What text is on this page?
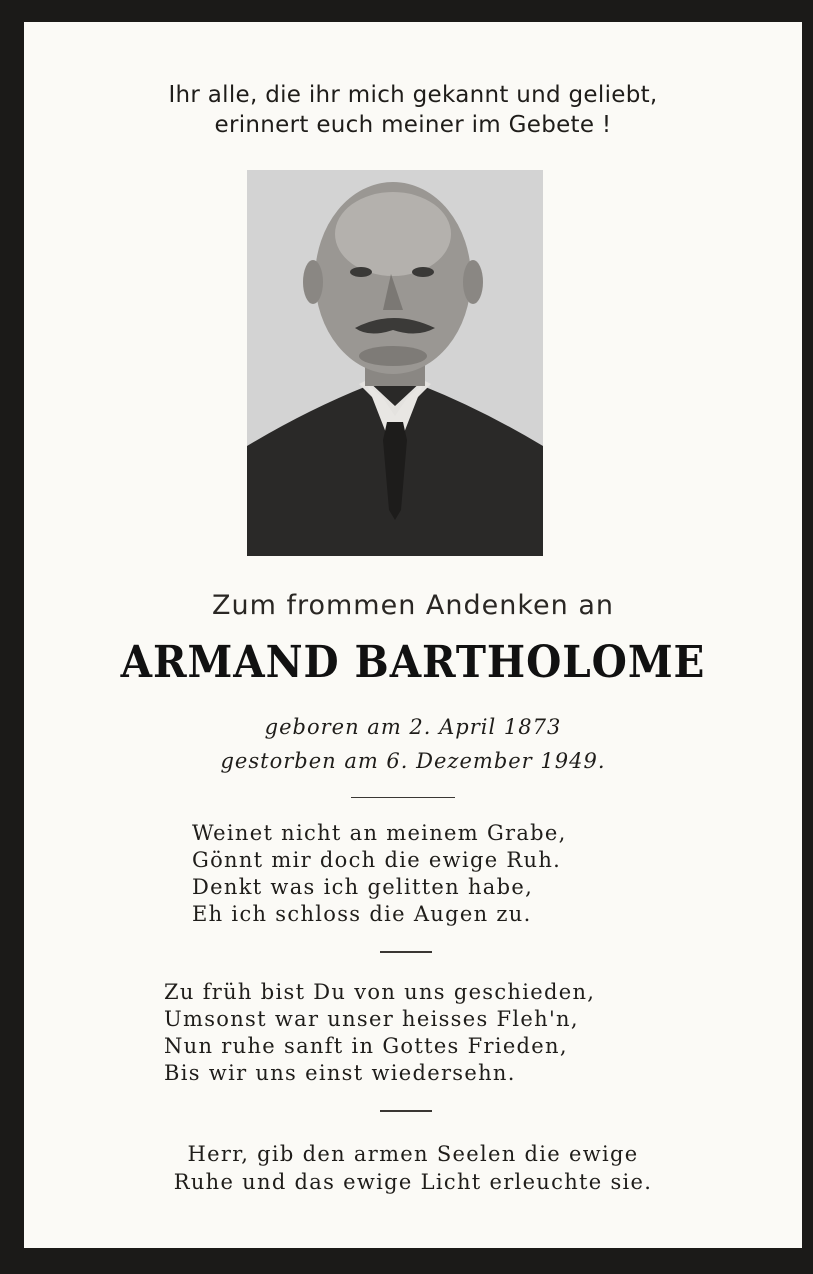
Ihr alle, die ihr mich gekannt und geliebt,
erinnert euch meiner im Gebete !
Zum frommen Andenken an
ARMAND BARTHOLOME
geboren am 2. April 1873
gestorben am 6. Dezember 1949.
Weinet nicht an meinem Grabe,
Gönnt mir doch die ewige Ruh.
Denkt was ich gelitten habe,
Eh ich schloss die Augen zu.
Zu früh bist Du von uns geschieden,
Umsonst war unser heisses Fleh'n,
Nun ruhe sanft in Gottes Frieden,
Bis wir uns einst wiedersehn.
Herr, gib den armen Seelen die ewige
Ruhe und das ewige Licht erleuchte sie.
